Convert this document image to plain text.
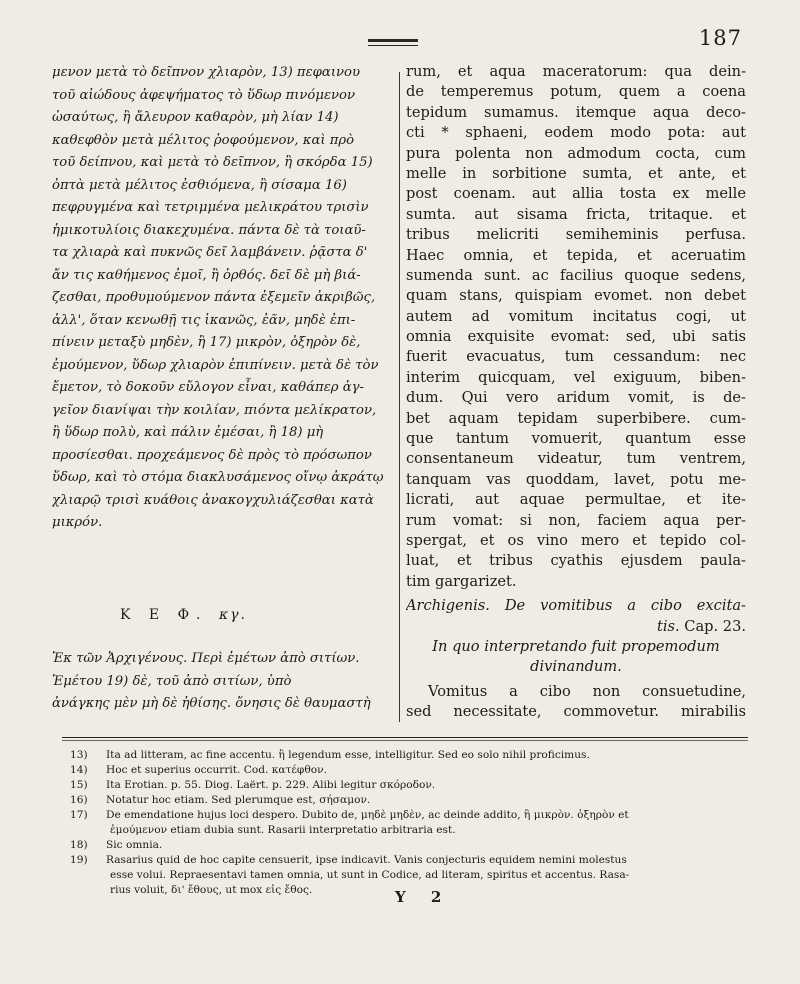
187
μενον μετὰ τὸ δεῖπνον χλιαρὸν, 13) πεφαινου
τοῦ αἰώδους ἀφεψήματος τὸ ὕδωρ πινόμενον
ὡσαύτως, ἢ ἄλευρον καθαρὸν, μὴ λίαν 14)
καθεφθὸν μετὰ μέλιτος ῥοφούμενον, καὶ πρὸ
τοῦ δείπνου, καὶ μετὰ τὸ δεῖπνον, ἢ σκόρδα 15)
ὀπτὰ μετὰ μέλιτος ἐσθιόμενα, ἢ σίσαμα 16)
πεφρυγμένα καὶ τετριμμένα μελικράτου τρισὶν
ἡμικοτυλίοις διακεχυμένα. πάντα δὲ τὰ τοιαῦ-
τα χλιαρὰ καὶ πυκνῶς δεῖ λαμβάνειν. ῥᾷστα δ'
ἄν τις καθήμενος ἐμοῖ, ἢ ὀρθός. δεῖ δὲ μὴ βιά-
ζεσθαι, προθυμούμενον πάντα ἐξεμεῖν ἀκριβῶς,
ἀλλ', ὅταν κενωθῇ τις ἱκανῶς, ἐᾶν, μηδὲ ἐπι-
πίνειν μεταξὺ μηδὲν, ἢ 17) μικρὸν, ὀξηρὸν δὲ,
ἐμούμενον, ὕδωρ χλιαρὸν ἐπιπίνειν. μετὰ δὲ τὸν
ἔμετον, τὸ δοκοῦν εὔλογον εἶναι, καθάπερ ἀγ-
γεῖον διανίψαι τὴν κοιλίαν, πιόντα μελίκρατον,
ἢ ὕδωρ πολὺ, καὶ πάλιν ἐμέσαι, ἢ 18) μὴ
προσίεσθαι. προχεάμενος δὲ πρὸς τὸ πρόσωπον
ὕδωρ, καὶ τὸ στόμα διακλυσάμενος οἴνῳ ἀκράτῳ
χλιαρῷ τρισὶ κυάθοις ἀνακογχυλιάζεσθαι κατὰ
μικρόν.
Κ Ε Φ. κγ.
Ἐκ τῶν Ἀρχιγένους. Περὶ ἐμέτων ἀπὸ σιτίων.
Ἐμέτου 19) δὲ, τοῦ ἀπὸ σιτίων, ὑπὸ
ἀνάγκης μὲν μὴ δὲ ἠθίσης. ὄνησις δὲ θαυμαστὴ
rum, et aqua maceratorum: qua dein-
de temperemus potum, quem a coena
tepidum sumamus. itemque aqua deco-
cti * sphaeni, eodem modo pota: aut
pura polenta non admodum cocta, cum
melle in sorbitione sumta, et ante, et
post coenam. aut allia tosta ex melle
sumta. aut sisama fricta, tritaque. et
tribus melicriti semiheminis perfusa.
Haec omnia, et tepida, et aceruatim
sumenda sunt. ac facilius quoque sedens,
quam stans, quispiam evomet. non debet
autem ad vomitum incitatus cogi, ut
omnia exquisite evomat: sed, ubi satis
fuerit evacuatus, tum cessandum: nec
interim quicquam, vel exiguum, biben-
dum. Qui vero aridum vomit, is de-
bet aquam tepidam superbibere. cum-
que tantum vomuerit, quantum esse
consentaneum videatur, tum ventrem,
tanquam vas quoddam, lavet, potu me-
licrati, aut aquae permultae, et ite-
rum vomat: si non, faciem aqua per-
spergat, et os vino mero et tepido col-
luat, et tribus cyathis ejusdem paula-
tim gargarizet.
Archigenis. De vomitibus a cibo excita-
tis. Cap. 23.
In quo interpretando fuit propemodum
divinandum.
Vomitus a cibo non consuetudine,
sed necessitate, commovetur. mirabilis
13) Ita ad litteram, ac fine accentu. ἢ legendum esse, intelligitur. Sed eo solo nihil proficimus.
14) Hoc et superius occurrit. Cod. κατέφθον.
15) Ita Erotian. p. 55. Diog. Laërt. p. 229. Alibi legitur σκόροδον.
16) Notatur hoc etiam. Sed plerumque est, σήσαμον.
17) De emendatione hujus loci despero. Dubito de, μηδὲ μηδὲν, ac deinde addito, ἢ μικρὸν. ὀξηρὸν et
ἐμούμενον etiam dubia sunt. Rasarii interpretatio arbitraria est.
18) Sic omnia.
19) Rasarius quid de hoc capite censuerit, ipse indicavit. Vanis conjecturis equidem nemini molestus
esse volui. Repraesentavi tamen omnia, ut sunt in Codice, ad literam, spiritus et accentus. Rasa-
rius voluit, δι' ἔθους, ut mox εἰς ἔθος.	Y 2
